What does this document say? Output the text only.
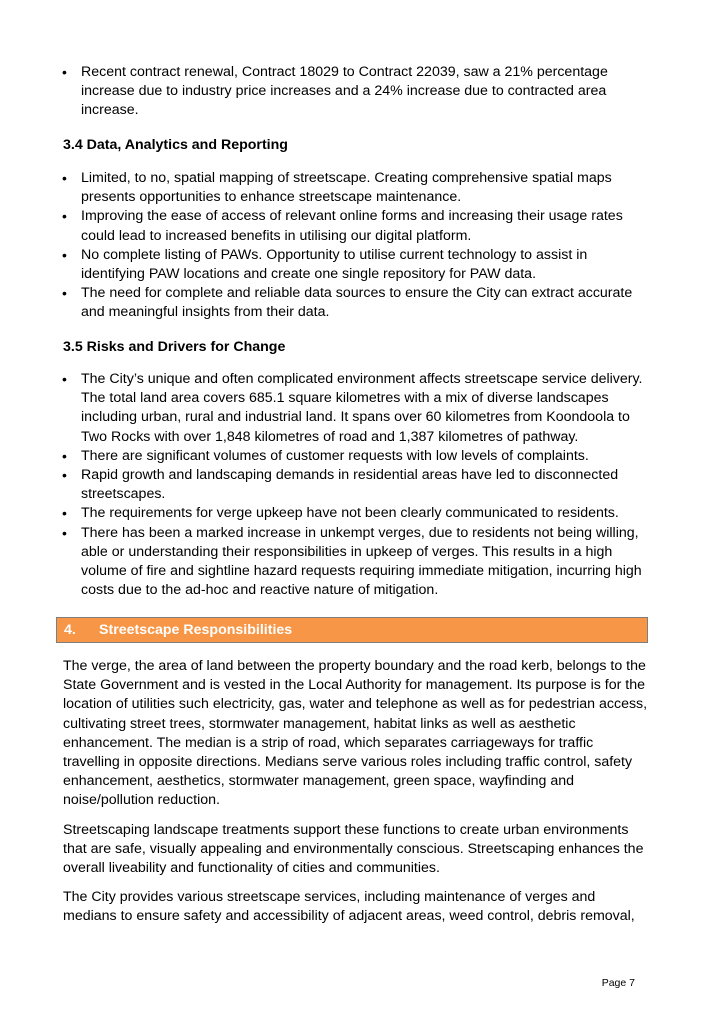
• Recent contract renewal, Contract 18029 to Contract 22039, saw a 21% percentage increase due to industry price increases and a 24% increase due to contracted area increase.
3.4 Data, Analytics and Reporting
• Limited, to no, spatial mapping of streetscape. Creating comprehensive spatial maps presents opportunities to enhance streetscape maintenance.
• Improving the ease of access of relevant online forms and increasing their usage rates could lead to increased benefits in utilising our digital platform.
• No complete listing of PAWs. Opportunity to utilise current technology to assist in identifying PAW locations and create one single repository for PAW data.
• The need for complete and reliable data sources to ensure the City can extract accurate and meaningful insights from their data.
3.5 Risks and Drivers for Change
• The City’s unique and often complicated environment affects streetscape service delivery. The total land area covers 685.1 square kilometres with a mix of diverse landscapes including urban, rural and industrial land. It spans over 60 kilometres from Koondoola to Two Rocks with over 1,848 kilometres of road and 1,387 kilometres of pathway.
• There are significant volumes of customer requests with low levels of complaints.
• Rapid growth and landscaping demands in residential areas have led to disconnected streetscapes.
• The requirements for verge upkeep have not been clearly communicated to residents.
• There has been a marked increase in unkempt verges, due to residents not being willing, able or understanding their responsibilities in upkeep of verges. This results in a high volume of fire and sightline hazard requests requiring immediate mitigation, incurring high costs due to the ad-hoc and reactive nature of mitigation.
4. Streetscape Responsibilities

The verge, the area of land between the property boundary and the road kerb, belongs to the State Government and is vested in the Local Authority for management. Its purpose is for the location of utilities such electricity, gas, water and telephone as well as for pedestrian access, cultivating street trees, stormwater management, habitat links as well as aesthetic enhancement. The median is a strip of road, which separates carriageways for traffic travelling in opposite directions. Medians serve various roles including traffic control, safety enhancement, aesthetics, stormwater management, green space, wayfinding and noise/pollution reduction.

Streetscaping landscape treatments support these functions to create urban environments that are safe, visually appealing and environmentally conscious. Streetscaping enhances the overall liveability and functionality of cities and communities.

The City provides various streetscape services, including maintenance of verges and medians to ensure safety and accessibility of adjacent areas, weed control, debris removal,

Page 7
